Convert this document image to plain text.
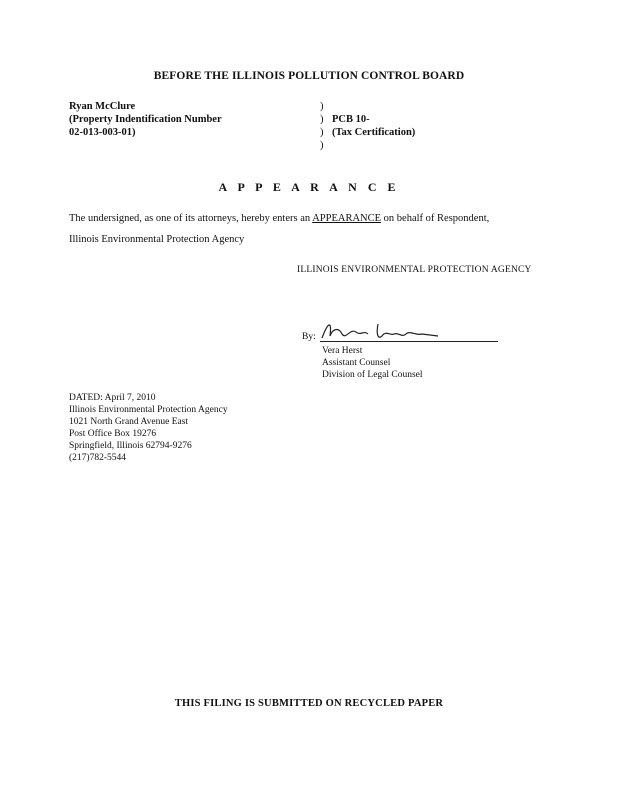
BEFORE THE ILLINOIS POLLUTION CONTROL BOARD
Ryan McClure
(Property Indentification Number
02-013-003-01)
)
)
)
)

PCB 10-
(Tax Certification)
A P P E A R A N C E
The undersigned, as one of its attorneys, hereby enters an APPEARANCE on behalf of Respondent,
Illinois Environmental Protection Agency
ILLINOIS ENVIRONMENTAL PROTECTION AGENCY
By:
Vera Herst
Assistant Counsel
Division of Legal Counsel
DATED: April 7, 2010
Illinois Environmental Protection Agency
1021 North Grand Avenue East
Post Office Box 19276
Springfield, Illinois 62794-9276
(217)782-5544
THIS FILING IS SUBMITTED ON RECYCLED PAPER
